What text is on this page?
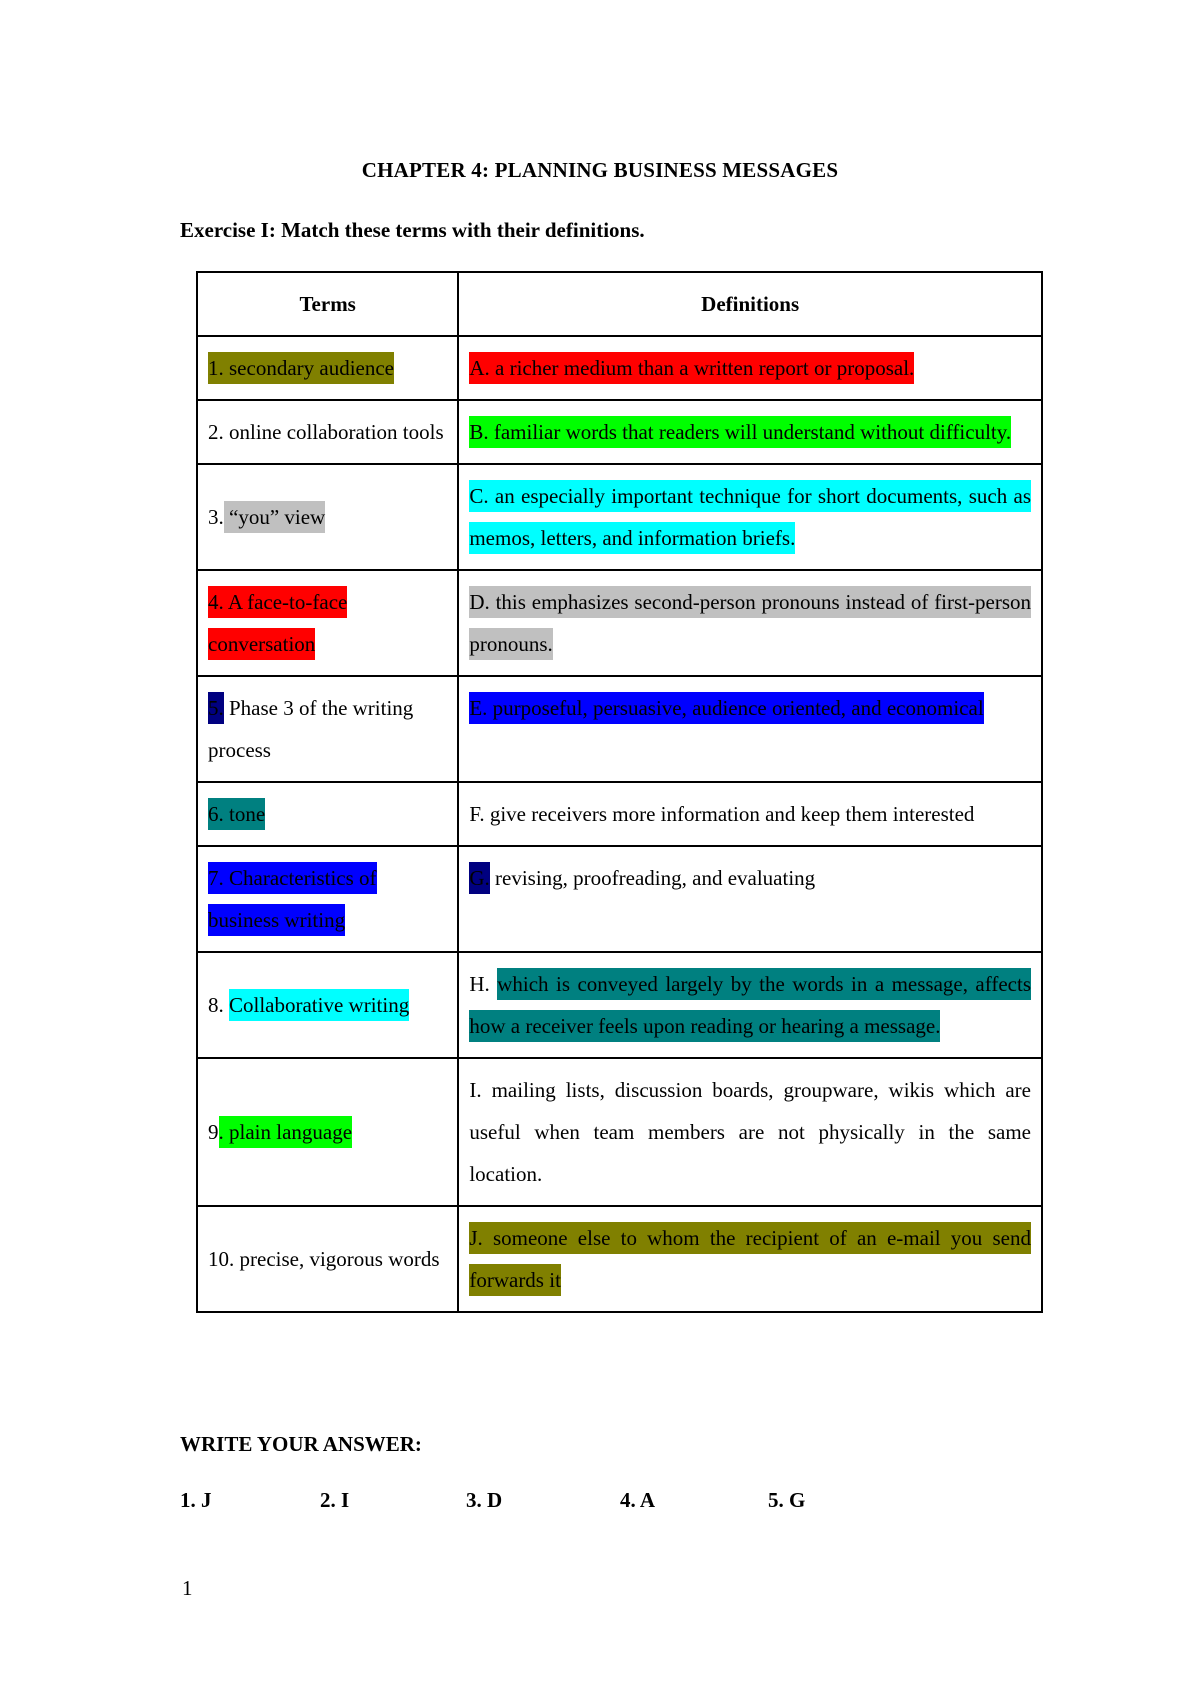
CHAPTER 4: PLANNING BUSINESS MESSAGES
Exercise I: Match these terms with their definitions.
Terms	Definitions
1. secondary audience	A. a richer medium than a written report or proposal.
2. online collaboration tools	B. familiar words that readers will understand without difficulty.
3. “you” view	C. an especially important technique for short documents, such as memos, letters, and information briefs.
4. A face-to-face conversation	D. this emphasizes second-person pronouns instead of first-person pronouns.
5. Phase 3 of the writing process	E. purposeful, persuasive, audience oriented, and economical
6. tone	F. give receivers more information and keep them interested
7. Characteristics of business writing	G. revising, proofreading, and evaluating
8. Collaborative writing	H. which is conveyed largely by the words in a message, affects how a receiver feels upon reading or hearing a message.
9. plain language	I. mailing lists, discussion boards, groupware, wikis which are useful when team members are not physically in the same location.
10. precise, vigorous words	J. someone else to whom the recipient of an e-mail you send forwards it
WRITE YOUR ANSWER:
1. J	2. I	3. D	4. A	5. G
1
